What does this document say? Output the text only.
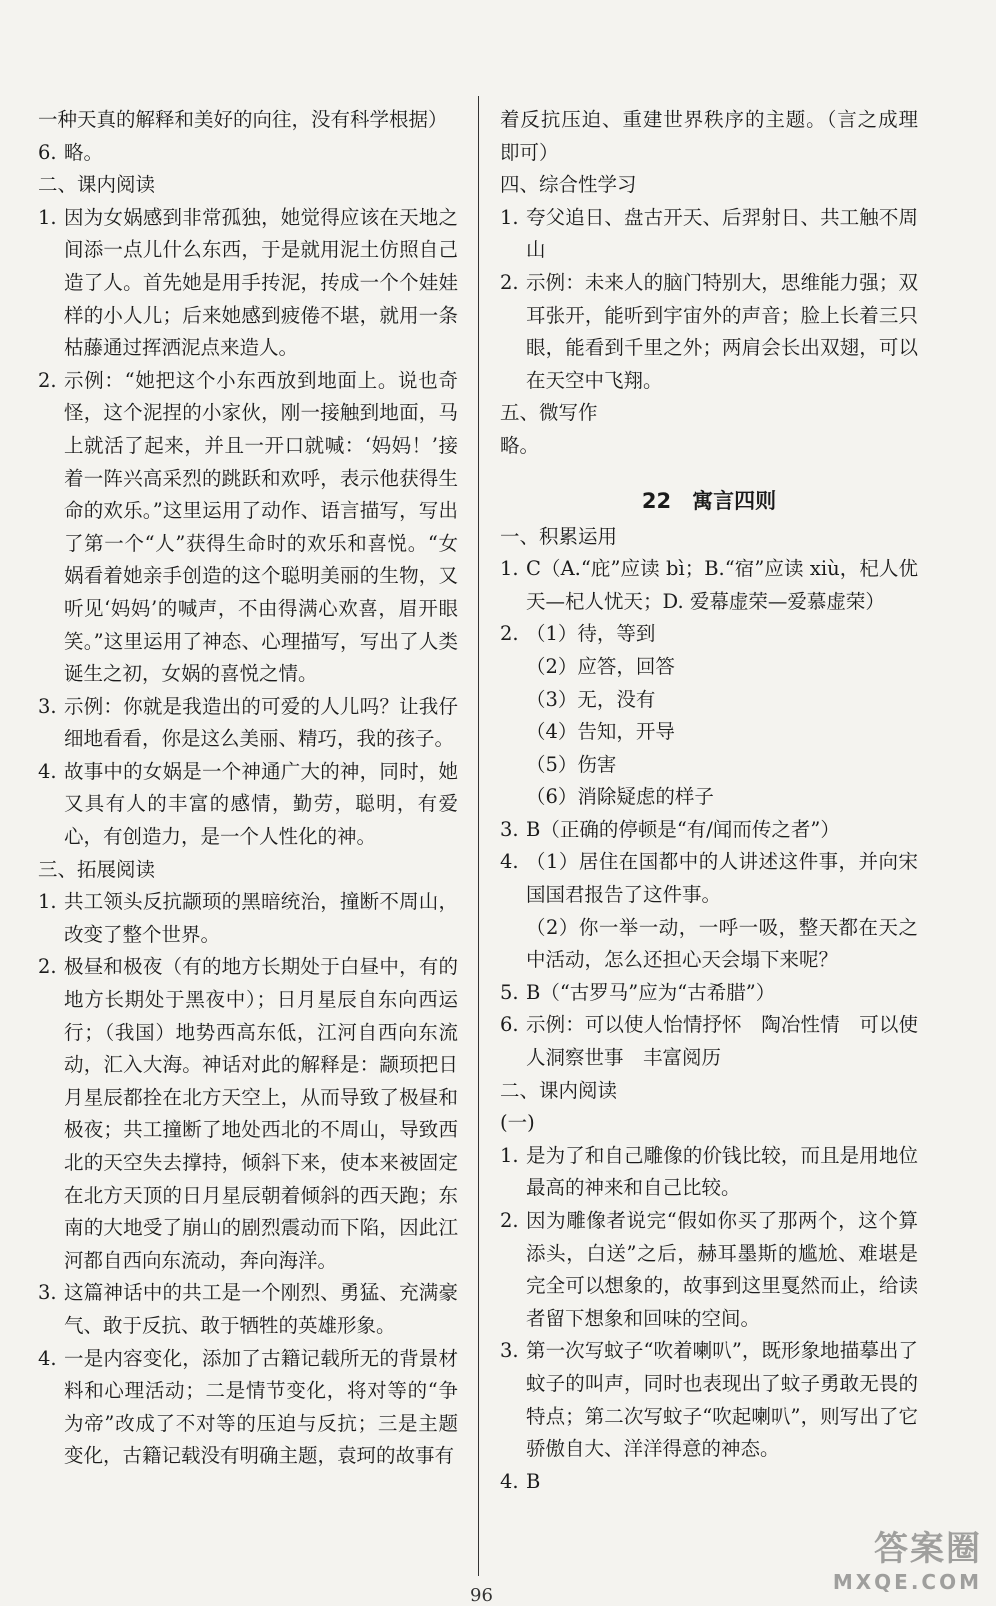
一种天真的解释和美好的向往，没有科学根据）
6. 略。
二、课内阅读
1. 因为女娲感到非常孤独，她觉得应该在天地之间添一点儿什么东西，于是就用泥土仿照自己造了人。首先她是用手抟泥，抟成一个个娃娃样的小人儿；后来她感到疲倦不堪，就用一条枯藤通过挥洒泥点来造人。
2. 示例：“她把这个小东西放到地面上。说也奇怪，这个泥捏的小家伙，刚一接触到地面，马上就活了起来，并且一开口就喊：‘妈妈！’接着一阵兴高采烈的跳跃和欢呼，表示他获得生命的欢乐。”这里运用了动作、语言描写，写出了第一个“人”获得生命时的欢乐和喜悦。“女娲看着她亲手创造的这个聪明美丽的生物，又听见‘妈妈’的喊声，不由得满心欢喜，眉开眼笑。”这里运用了神态、心理描写，写出了人类诞生之初，女娲的喜悦之情。
3. 示例：你就是我造出的可爱的人儿吗？让我仔细地看看，你是这么美丽、精巧，我的孩子。
4. 故事中的女娲是一个神通广大的神，同时，她又具有人的丰富的感情，勤劳，聪明，有爱心，有创造力，是一个人性化的神。
三、拓展阅读
1. 共工领头反抗颛顼的黑暗统治，撞断不周山，改变了整个世界。
2. 极昼和极夜（有的地方长期处于白昼中，有的地方长期处于黑夜中）；日月星辰自东向西运行；（我国）地势西高东低，江河自西向东流动，汇入大海。神话对此的解释是：颛顼把日月星辰都拴在北方天空上，从而导致了极昼和极夜；共工撞断了地处西北的不周山，导致西北的天空失去撑持，倾斜下来，使本来被固定在北方天顶的日月星辰朝着倾斜的西天跑；东南的大地受了崩山的剧烈震动而下陷，因此江河都自西向东流动，奔向海洋。
3. 这篇神话中的共工是一个刚烈、勇猛、充满豪气、敢于反抗、敢于牺牲的英雄形象。
4. 一是内容变化，添加了古籍记载所无的背景材料和心理活动；二是情节变化，将对等的“争为帝”改成了不对等的压迫与反抗；三是主题变化，古籍记载没有明确主题，袁珂的故事有
着反抗压迫、重建世界秩序的主题。（言之成理即可）
四、综合性学习
1. 夸父追日、盘古开天、后羿射日、共工触不周山
2. 示例：未来人的脑门特别大，思维能力强；双耳张开，能听到宇宙外的声音；脸上长着三只眼，能看到千里之外；两肩会长出双翅，可以在天空中飞翔。
五、微写作
略。
22　寓言四则
一、积累运用
1. C（A.“庇”应读 bì；B.“宿”应读 xiù，杞人优天—杞人忧天；D. 爱幕虚荣—爱慕虚荣）
2. （1）待，等到
（2）应答，回答
（3）无，没有
（4）告知，开导
（5）伤害
（6）消除疑虑的样子
3. B（正确的停顿是“有/闻而传之者”）
4. （1）居住在国都中的人讲述这件事，并向宋国国君报告了这件事。
（2）你一举一动，一呼一吸，整天都在天之中活动，怎么还担心天会塌下来呢？
5. B（“古罗马”应为“古希腊”）
6. 示例：可以使人怡情抒怀　陶冶性情　可以使人洞察世事　丰富阅历
二、课内阅读
(一)
1. 是为了和自己雕像的价钱比较，而且是用地位最高的神来和自己比较。
2. 因为雕像者说完“假如你买了那两个，这个算添头，白送”之后，赫耳墨斯的尴尬、难堪是完全可以想象的，故事到这里戛然而止，给读者留下想象和回味的空间。
3. 第一次写蚊子“吹着喇叭”，既形象地描摹出了蚊子的叫声，同时也表现出了蚊子勇敢无畏的特点；第二次写蚊子“吹起喇叭”，则写出了它骄傲自大、洋洋得意的神态。
4. B
96
答案圈
MXQE.COM
